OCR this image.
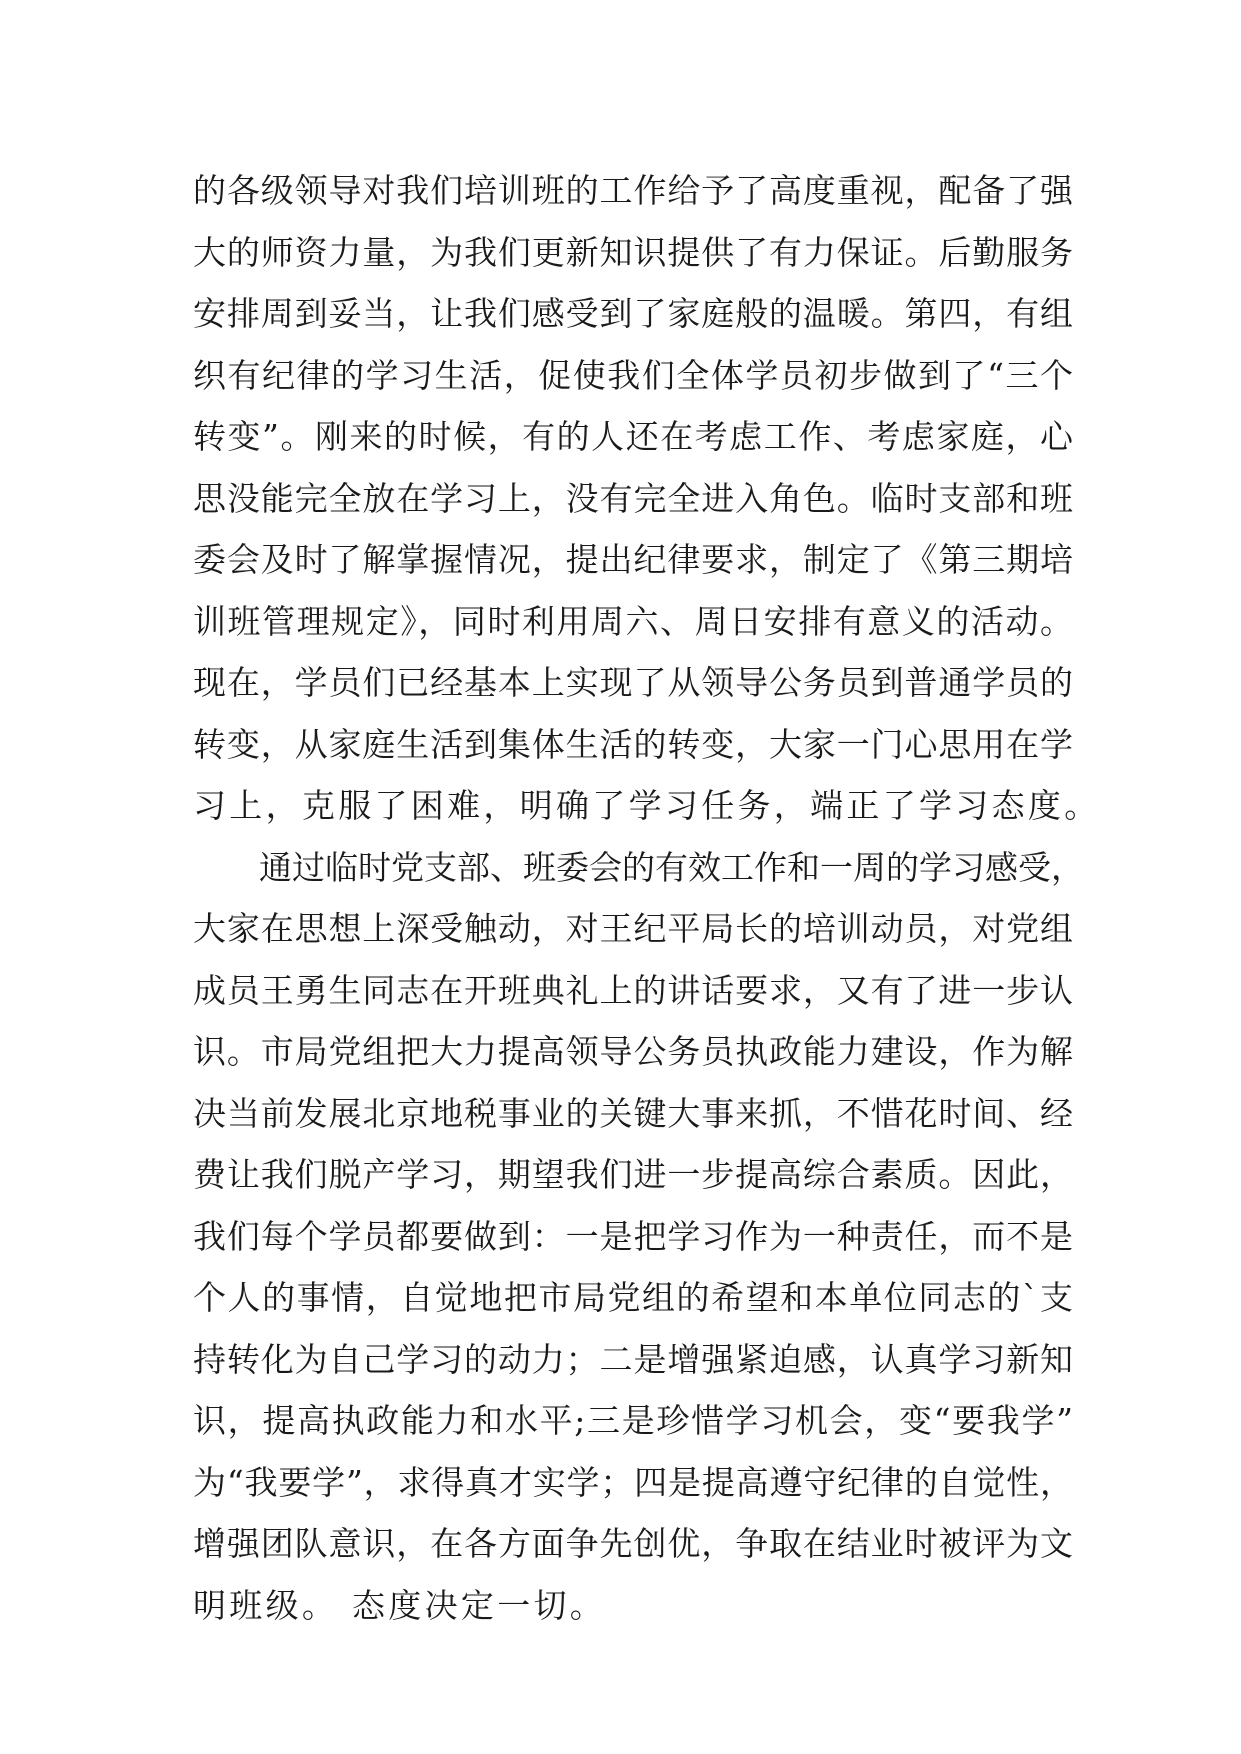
的各级领导对我们培训班的工作给予了高度重视，配备了强
大的师资力量，为我们更新知识提供了有力保证。后勤服务
安排周到妥当，让我们感受到了家庭般的温暖。第四，有组
织有纪律的学习生活，促使我们全体学员初步做到了“三个
转变”。刚来的时候，有的人还在考虑工作、考虑家庭，心
思没能完全放在学习上，没有完全进入角色。临时支部和班
委会及时了解掌握情况，提出纪律要求，制定了《第三期培
训班管理规定》，同时利用周六、周日安排有意义的活动。
现在，学员们已经基本上实现了从领导公务员到普通学员的
转变，从家庭生活到集体生活的转变，大家一门心思用在学
习上，克服了困难，明确了学习任务，端正了学习态度。
通过临时党支部、班委会的有效工作和一周的学习感受，
大家在思想上深受触动，对王纪平局长的培训动员，对党组
成员王勇生同志在开班典礼上的讲话要求，又有了进一步认
识。市局党组把大力提高领导公务员执政能力建设，作为解
决当前发展北京地税事业的关键大事来抓，不惜花时间、经
费让我们脱产学习，期望我们进一步提高综合素质。因此，
我们每个学员都要做到：一是把学习作为一种责任，而不是
个人的事情，自觉地把市局党组的希望和本单位同志的`支
持转化为自己学习的动力；二是增强紧迫感，认真学习新知
识，提高执政能力和水平;三是珍惜学习机会，变“要我学”
为“我要学”，求得真才实学；四是提高遵守纪律的自觉性，
增强团队意识，在各方面争先创优，争取在结业时被评为文
明班级。 态度决定一切。
